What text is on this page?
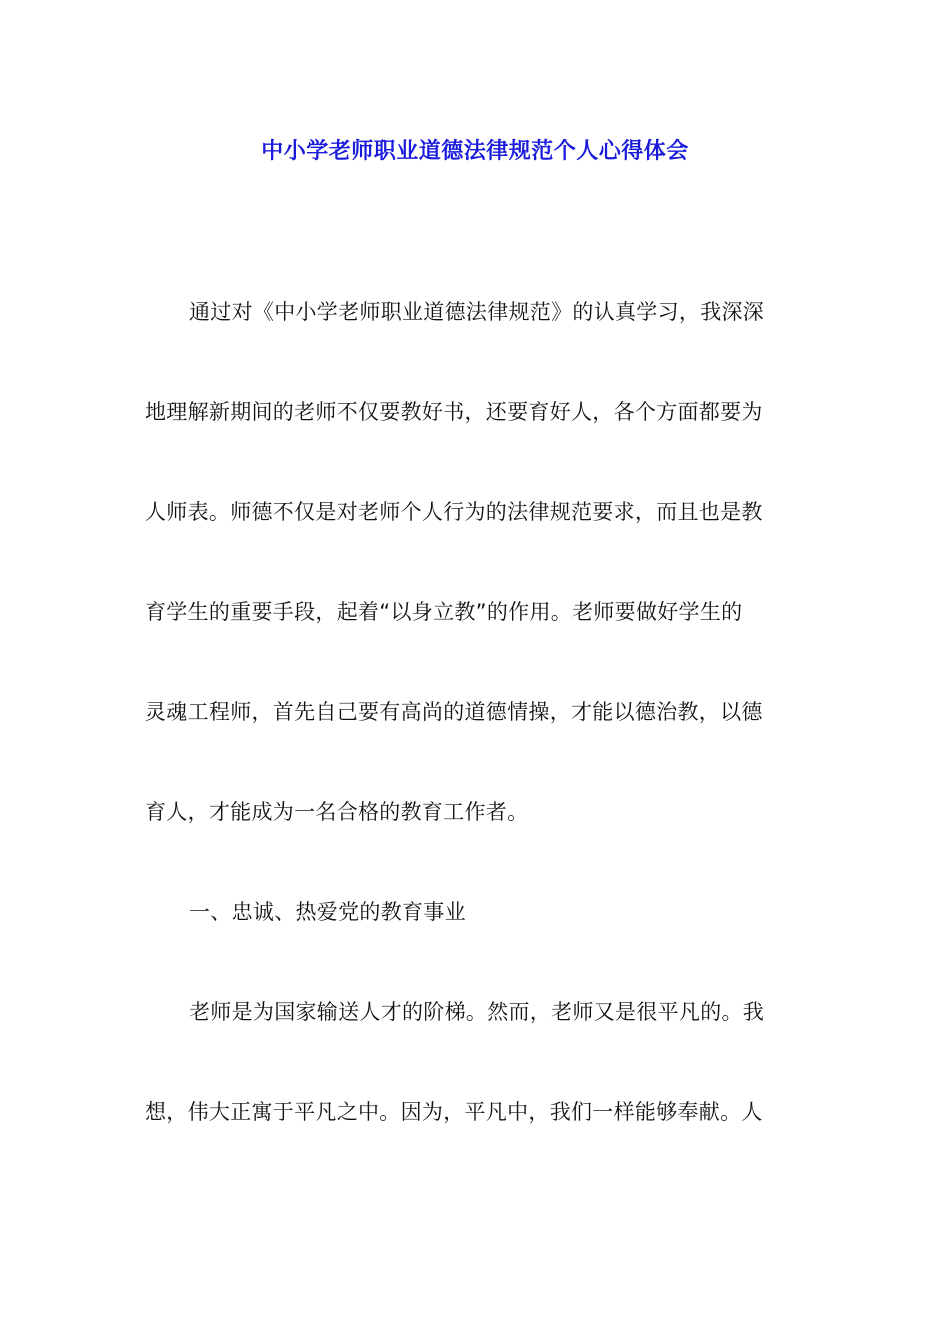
中小学老师职业道德法律规范个人心得体会
通过对《中小学老师职业道德法律规范》的认真学习，我深深
地理解新期间的老师不仅要教好书，还要育好人，各个方面都要为
人师表。师德不仅是对老师个人行为的法律规范要求，而且也是教
育学生的重要手段，起着“以身立教”的作用。老师要做好学生的
灵魂工程师，首先自己要有高尚的道德情操，才能以德治教，以德
育人，才能成为一名合格的教育工作者。
一、忠诚、热爱党的教育事业
老师是为国家输送人才的阶梯。然而，老师又是很平凡的。我
想，伟大正寓于平凡之中。因为，平凡中，我们一样能够奉献。人
